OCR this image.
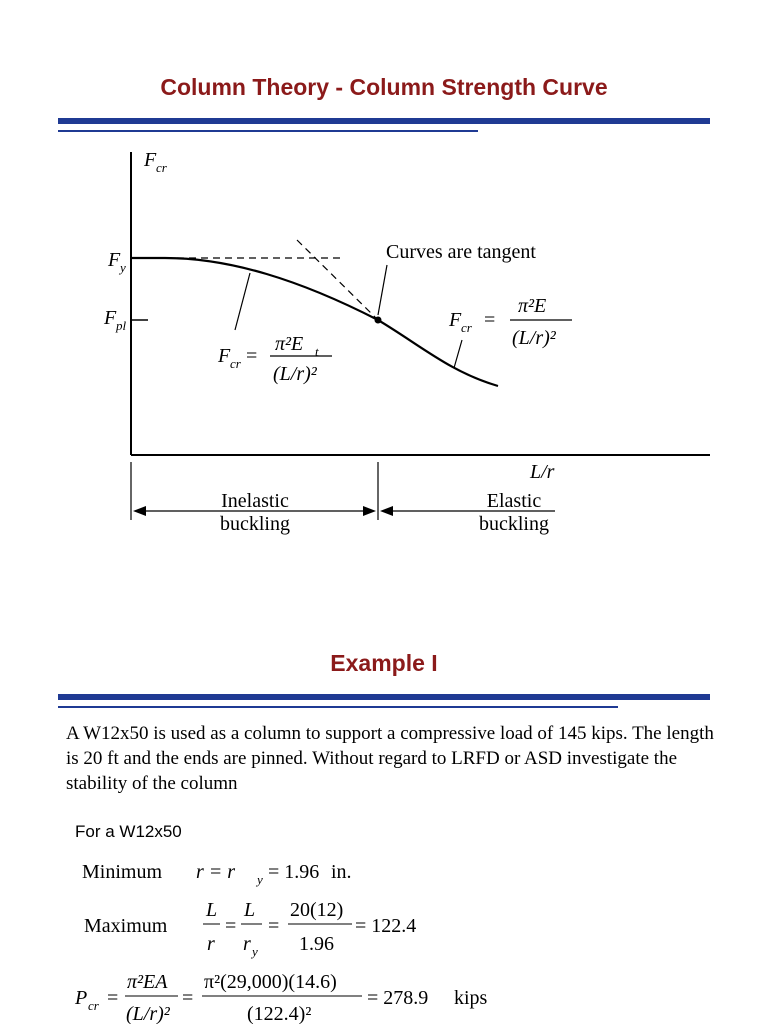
Column Theory - Column Strength Curve
F cr
F y
F pl
Curves are tangent
F cr =
π²E t
(L/r)²
F cr =
π²E
(L/r)²
L/r
Inelastic
buckling
Elastic
buckling
Example I

A W12x50 is used as a column to support a compressive load of 145 kips. The length is 20 ft and the ends are pinned. Without regard to LRFD or ASD investigate the stability of the column

For a W12x50
Minimum r = r y = 1.96 in.
Maximum
L
r
=
L
r y
=
20(12)
1.96
= 122.4
P cr =
π²EA
(L/r)²
=
π²(29,000)(14.6)
(122.4)²
= 278.9 kips
